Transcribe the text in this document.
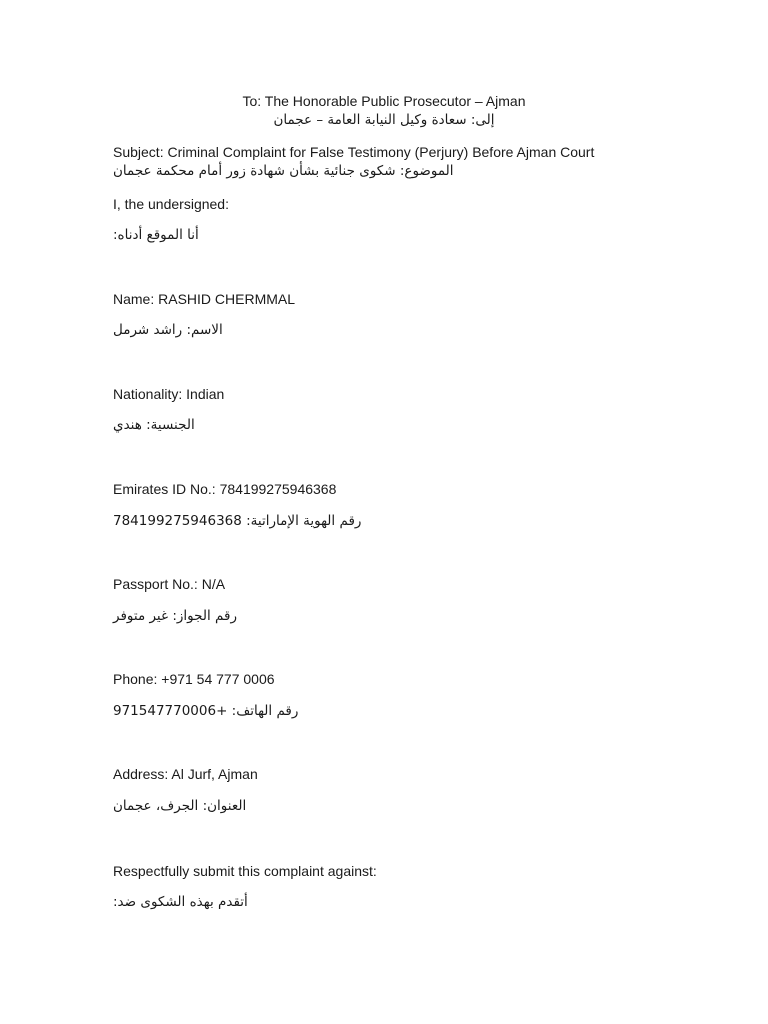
To: The Honorable Public Prosecutor – Ajman
إلى: سعادة وكيل النيابة العامة – عجمان
Subject: Criminal Complaint for False Testimony (Perjury) Before Ajman Court
الموضوع: شكوى جنائية بشأن شهادة زور أمام محكمة عجمان
I, the undersigned:
أنا الموقع أدناه:
Name: RASHID CHERMMAL
الاسم: راشد شرمل
Nationality: Indian
الجنسية: هندي
Emirates ID No.: 784199275946368
رقم الهوية الإماراتية: 784199275946368
Passport No.: N/A
رقم الجواز: غير متوفر
Phone: +971 54 777 0006
رقم الهاتف: +971547770006
Address: Al Jurf, Ajman
العنوان: الجرف، عجمان
Respectfully submit this complaint against:
أتقدم بهذه الشكوى ضد:
